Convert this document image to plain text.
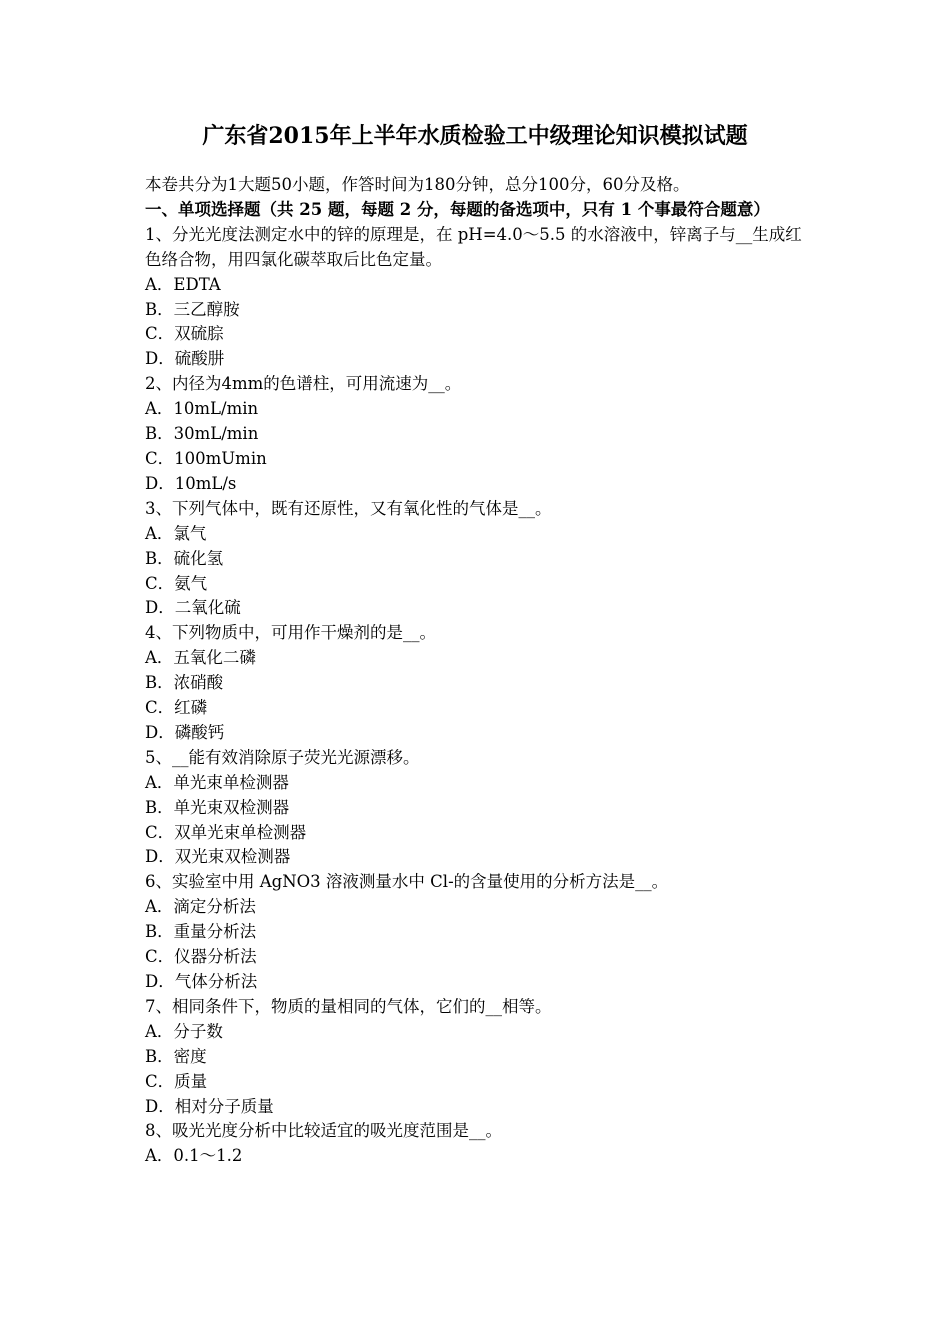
广东省2015年上半年水质检验工中级理论知识模拟试题

本卷共分为1大题50小题，作答时间为180分钟，总分100分，60分及格。

一、单项选择题（共 25 题，每题 2 分，每题的备选项中，只有 1 个事最符合题意）

1、分光光度法测定水中的锌的原理是，在 pH=4.0～5.5 的水溶液中，锌离子与__生成红色络合物，用四氯化碳萃取后比色定量。

A．EDTA

B．三乙醇胺

C．双硫腙

D．硫酸肼

2、内径为4mm的色谱柱，可用流速为__。

A．10mL/min

B．30mL/min

C．100mUmin

D．10mL/s

3、下列气体中，既有还原性，又有氧化性的气体是__。

A．氯气

B．硫化氢

C．氨气

D．二氧化硫

4、下列物质中，可用作干燥剂的是__。

A．五氧化二磷

B．浓硝酸

C．红磷

D．磷酸钙

5、__能有效消除原子荧光光源漂移。

A．单光束单检测器

B．单光束双检测器

C．双单光束单检测器

D．双光束双检测器

6、实验室中用 AgNO3 溶液测量水中 Cl-的含量使用的分析方法是__。

A．滴定分析法

B．重量分析法

C．仪器分析法

D．气体分析法

7、相同条件下，物质的量相同的气体，它们的__相等。

A．分子数

B．密度

C．质量

D．相对分子质量

8、吸光光度分析中比较适宜的吸光度范围是__。

A．0.1～1.2
